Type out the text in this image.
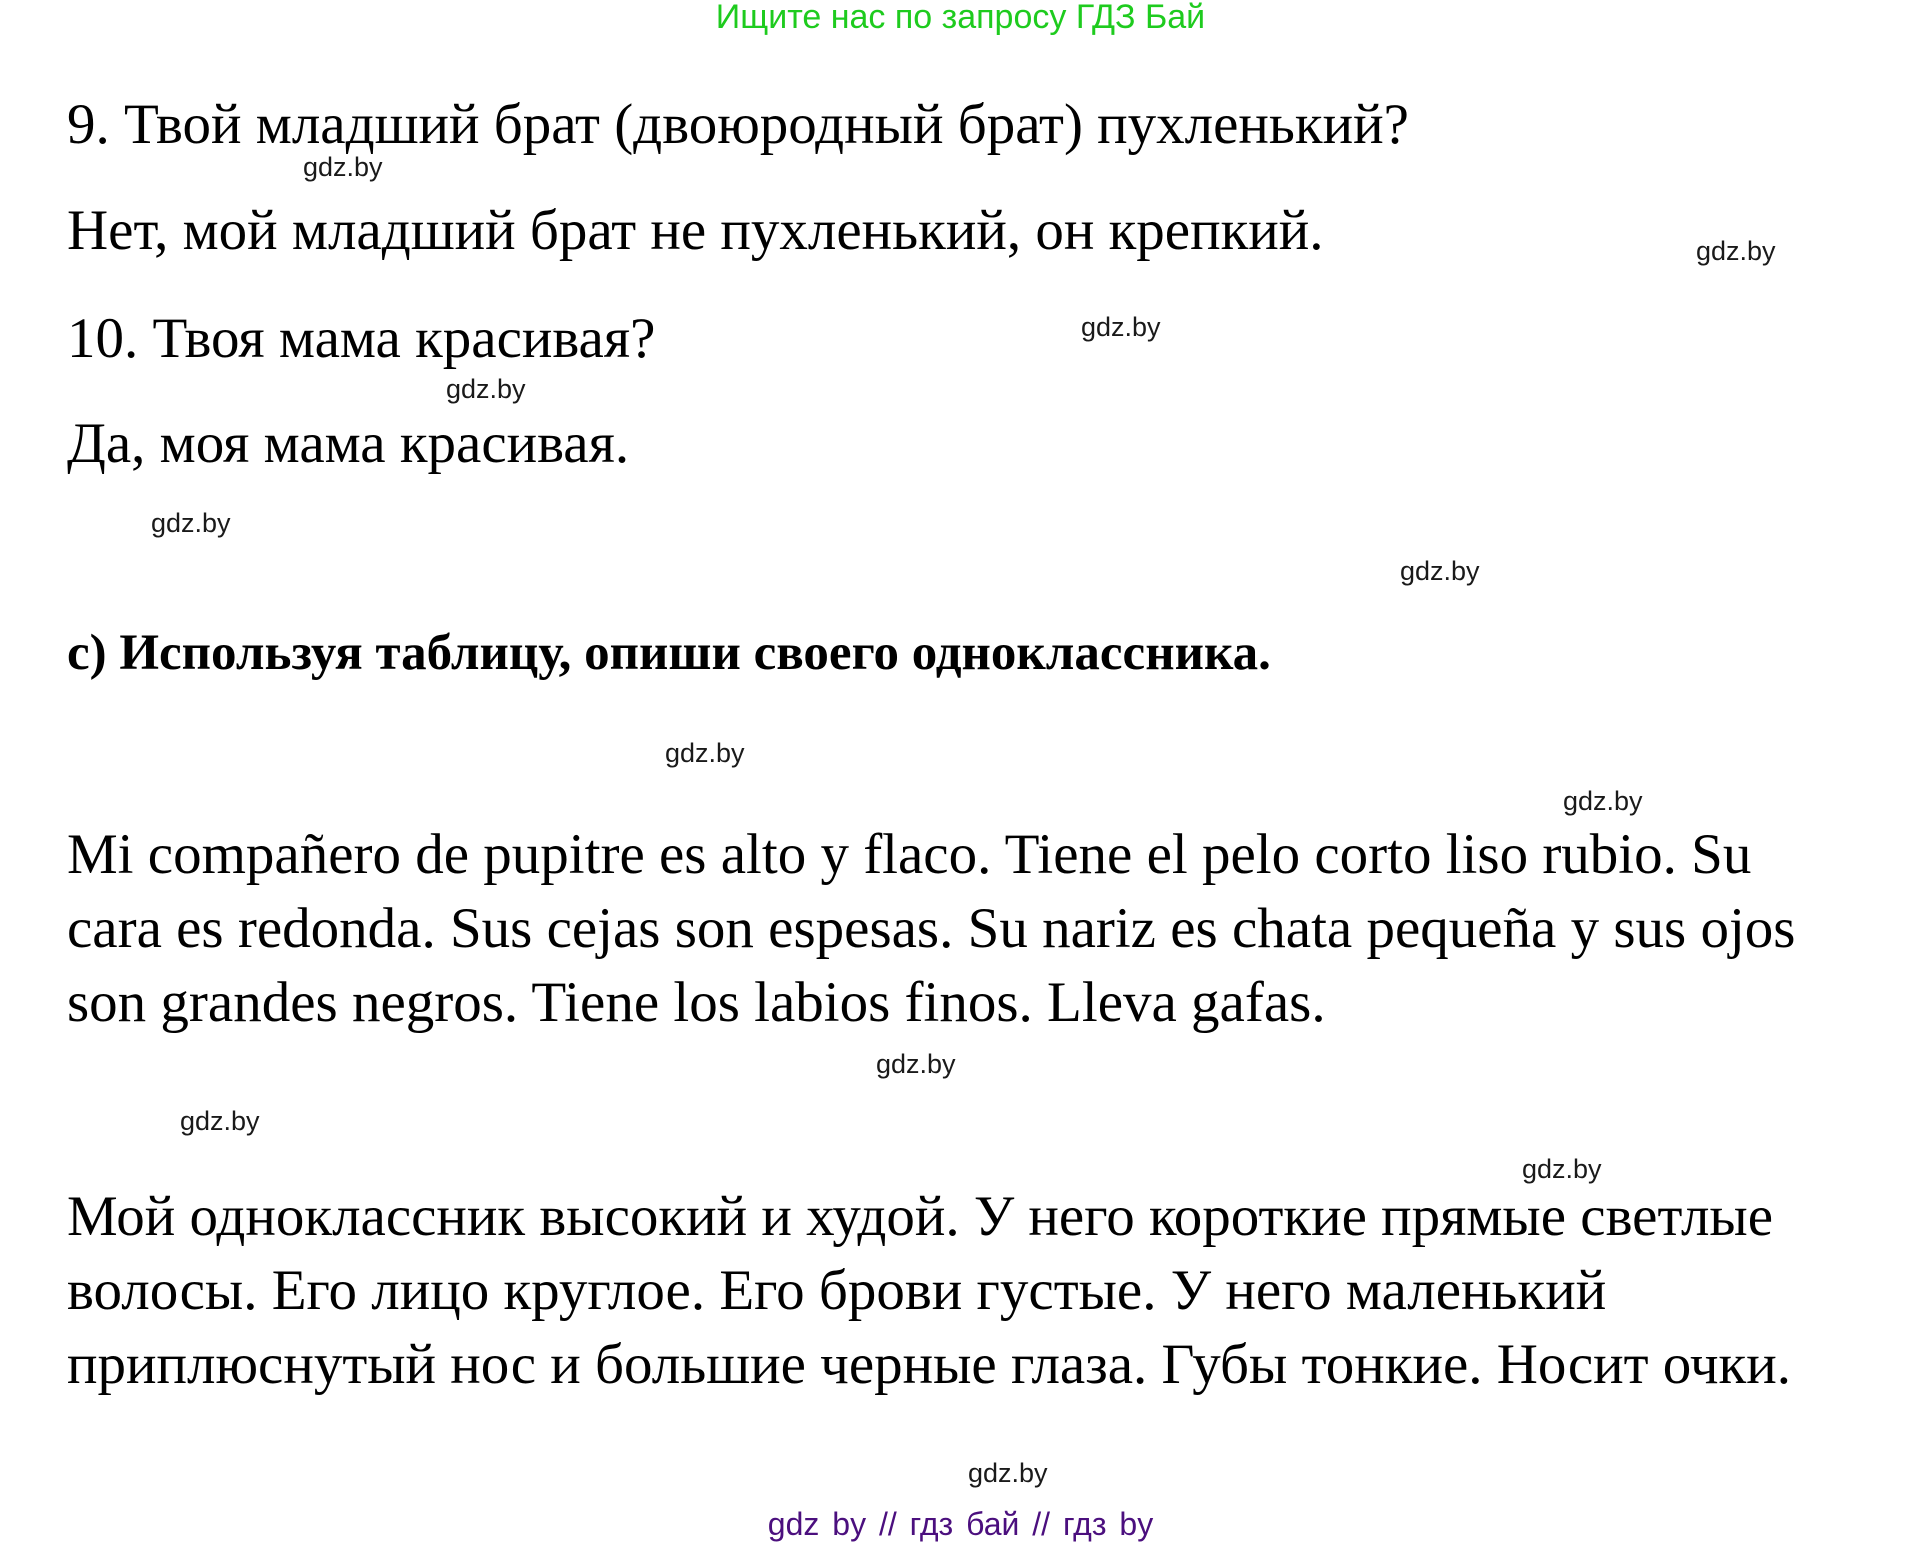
Ищите нас по запросу ГДЗ Бай
9. Твой младший брат (двоюродный брат) пухленький?
gdz.by
Нет, мой младший брат не пухленький, он крепкий.	gdz.by
10. Твоя мама красивая?	gdz.by
gdz.by
Да, моя мама красивая.
gdz.by
gdz.by
с) Используя таблицу, опиши своего одноклассника.
gdz.by
gdz.by
Mi compañero de pupitre es alto y flaco. Tiene el pelo corto liso rubio. Su
cara es redonda. Sus cejas son espesas. Su nariz es chata pequeña y sus ojos
son grandes negros. Tiene los labios finos. Lleva gafas.
gdz.by
gdz.by
gdz.by
Мой одноклассник высокий и худой. У него короткие прямые светлые
волосы. Его лицо круглое. Его брови густые. У него маленький
приплюснутый нос и большие черные глаза. Губы тонкие. Носит очки.
gdz.by
gdz by // гдз бай // гдз by
